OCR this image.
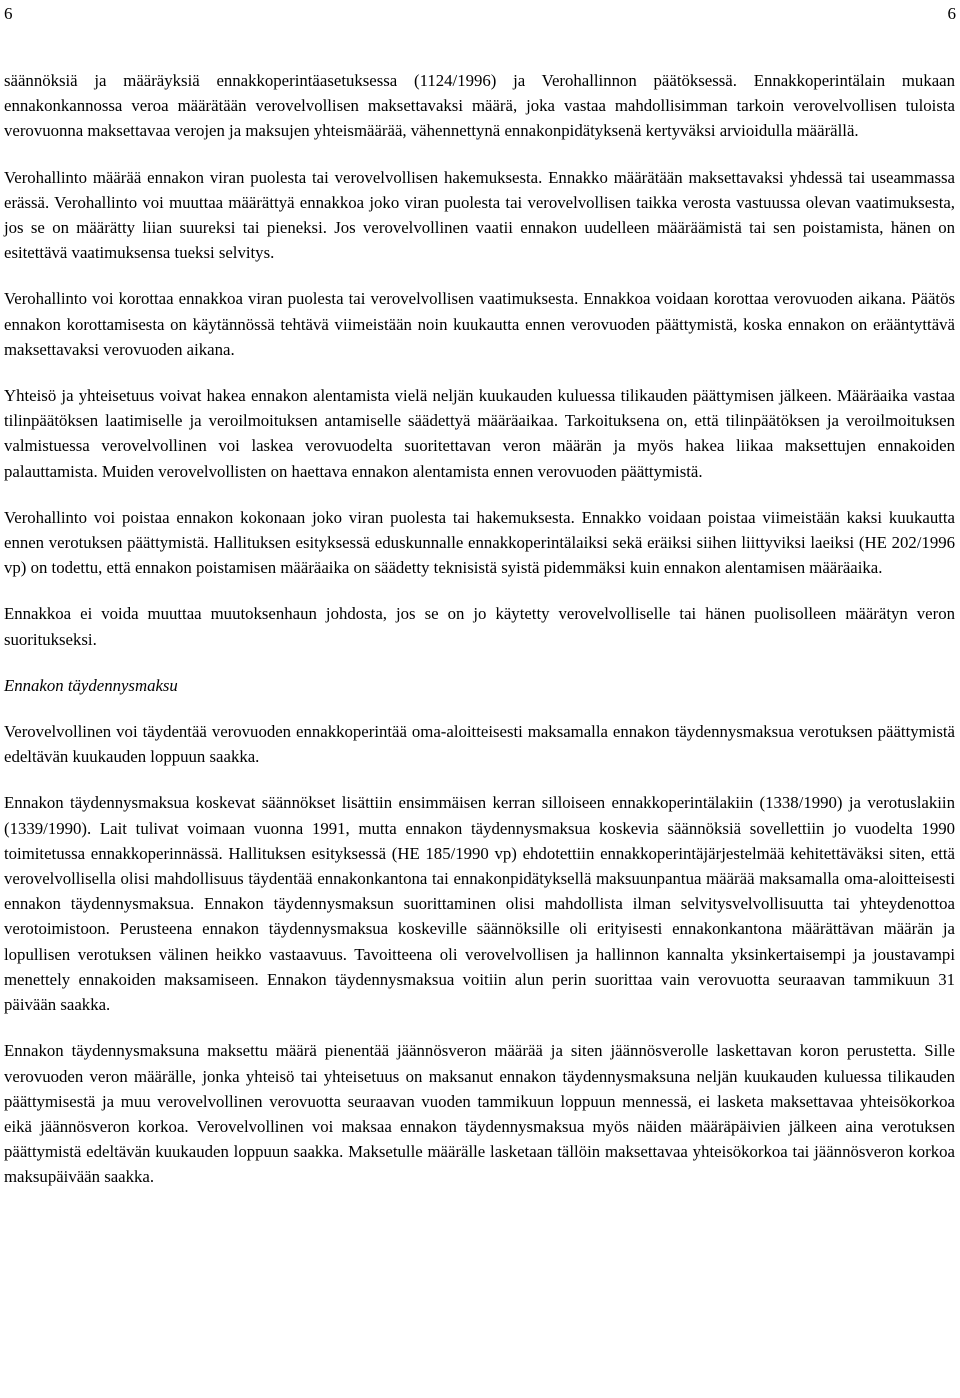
6	6

säännöksiä ja määräyksiä ennakkoperintäasetuksessa (1124/1996) ja Verohallinnon päätöksessä. Ennakkoperintälain mukaan ennakonkannossa veroa määrätään verovelvollisen maksettavaksi määrä, joka vastaa mahdollisimman tarkoin verovelvollisen tuloista verovuonna maksettavaa verojen ja maksujen yhteismäärää, vähennettynä ennakonpidätyksenä kertyväksi arvioidulla määrällä.

Verohallinto määrää ennakon viran puolesta tai verovelvollisen hakemuksesta. Ennakko määrätään maksettavaksi yhdessä tai useammassa erässä. Verohallinto voi muuttaa määrättyä ennakkoa joko viran puolesta tai verovelvollisen taikka verosta vastuussa olevan vaatimuksesta, jos se on määrätty liian suureksi tai pieneksi. Jos verovelvollinen vaatii ennakon uudelleen määräämistä tai sen poistamista, hänen on esitettävä vaatimuksensa tueksi selvitys.

Verohallinto voi korottaa ennakkoa viran puolesta tai verovelvollisen vaatimuksesta. Ennakkoa voidaan korottaa verovuoden aikana. Päätös ennakon korottamisesta on käytännössä tehtävä viimeistään noin kuukautta ennen verovuoden päättymistä, koska ennakon on erääntyttävä maksettavaksi verovuoden aikana.

Yhteisö ja yhteisetuus voivat hakea ennakon alentamista vielä neljän kuukauden kuluessa tilikauden päättymisen jälkeen. Määräaika vastaa tilinpäätöksen laatimiselle ja veroilmoituksen antamiselle säädettyä määräaikaa. Tarkoituksena on, että tilinpäätöksen ja veroilmoituksen valmistuessa verovelvollinen voi laskea verovuodelta suoritettavan veron määrän ja myös hakea liikaa maksettujen ennakoiden palauttamista. Muiden verovelvollisten on haettava ennakon alentamista ennen verovuoden päättymistä.

Verohallinto voi poistaa ennakon kokonaan joko viran puolesta tai hakemuksesta. Ennakko voidaan poistaa viimeistään kaksi kuukautta ennen verotuksen päättymistä. Hallituksen esityksessä eduskunnalle ennakkoperintälaiksi sekä eräiksi siihen liittyviksi laeiksi (HE 202/1996 vp) on todettu, että ennakon poistamisen määräaika on säädetty teknisistä syistä pidemmäksi kuin ennakon alentamisen määräaika.

Ennakkoa ei voida muuttaa muutoksenhaun johdosta, jos se on jo käytetty verovelvolliselle tai hänen puolisolleen määrätyn veron suoritukseksi.

Ennakon täydennysmaksu

Verovelvollinen voi täydentää verovuoden ennakkoperintää oma-aloitteisesti maksamalla ennakon täydennysmaksua verotuksen päättymistä edeltävän kuukauden loppuun saakka.

Ennakon täydennysmaksua koskevat säännökset lisättiin ensimmäisen kerran silloiseen ennakkoperintälakiin (1338/1990) ja verotuslakiin (1339/1990). Lait tulivat voimaan vuonna 1991, mutta ennakon täydennysmaksua koskevia säännöksiä sovellettiin jo vuodelta 1990 toimitetussa ennakkoperinnässä. Hallituksen esityksessä (HE 185/1990 vp) ehdotettiin ennakkoperintäjärjestelmää kehitettäväksi siten, että verovelvollisella olisi mahdollisuus täydentää ennakonkantona tai ennakonpidätyksellä maksuunpantua määrää maksamalla oma-aloitteisesti ennakon täydennysmaksua. Ennakon täydennysmaksun suorittaminen olisi mahdollista ilman selvitysvelvollisuutta tai yhteydenottoa verotoimistoon. Perusteena ennakon täydennysmaksua koskeville säännöksille oli erityisesti ennakonkantona määrättävan määrän ja lopullisen verotuksen välinen heikko vastaavuus. Tavoitteena oli verovelvollisen ja hallinnon kannalta yksinkertaisempi ja joustavampi menettely ennakoiden maksamiseen. Ennakon täydennysmaksua voitiin alun perin suorittaa vain verovuotta seuraavan tammikuun 31 päivään saakka.

Ennakon täydennysmaksuna maksettu määrä pienentää jäännösveron määrää ja siten jäännösverolle laskettavan koron perustetta. Sille verovuoden veron määrälle, jonka yhteisö tai yhteisetuus on maksanut ennakon täydennysmaksuna neljän kuukauden kuluessa tilikauden päättymisestä ja muu verovelvollinen verovuotta seuraavan vuoden tammikuun loppuun mennessä, ei lasketa maksettavaa yhteisökorkoa eikä jäännösveron korkoa. Verovelvollinen voi maksaa ennakon täydennysmaksua myös näiden määräpäivien jälkeen aina verotuksen päättymistä edeltävän kuukauden loppuun saakka. Maksetulle määrälle lasketaan tällöin maksettavaa yhteisökorkoa tai jäännösveron korkoa maksupäivään saakka.
